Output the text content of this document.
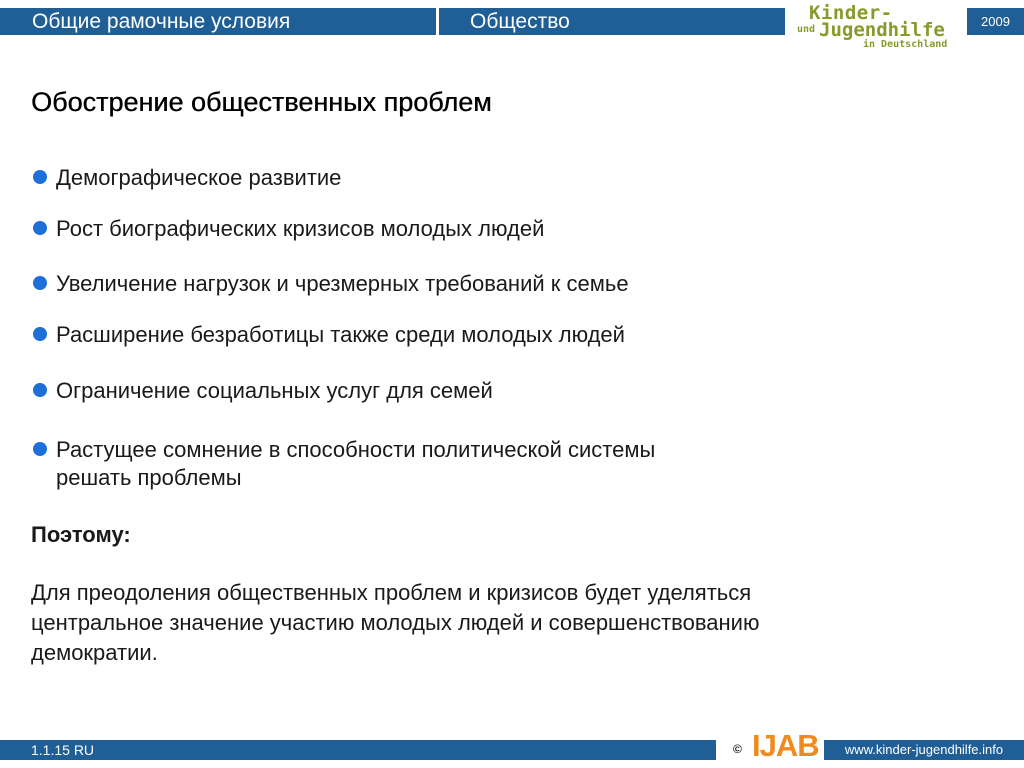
Общие рамочные условия	Общество	Kinder-
und Jugendhilfe
in Deutschland
2009
Обострение общественных проблем
Демографическое развитие
Рост биографических кризисов молодых людей
Увеличение нагрузок и чрезмерных требований к семье
Расширение безработицы также среди молодых людей
Ограничение социальных услуг для семей
Растущее сомнение в способности политической системы
решать проблемы
Поэтому:
Для преодоления общественных проблем и кризисов будет уделяться
центральное значение участию молодых людей и совершенствованию
демократии.
1.1.15 RU	© IJAB	www.kinder-jugendhilfe.info
